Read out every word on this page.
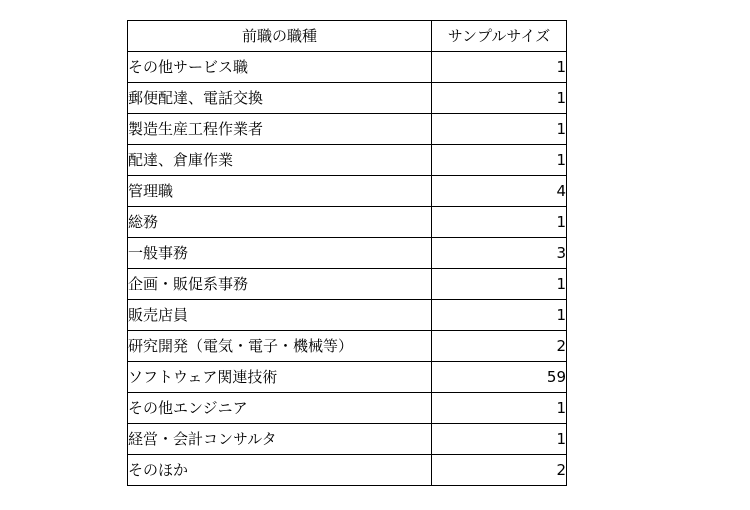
前職の職種	サンプルサイズ
その他サービス職	1
郵便配達、電話交換	1
製造生産工程作業者	1
配達、倉庫作業	1
管理職	4
総務	1
一般事務	3
企画・販促系事務	1
販売店員	1
研究開発（電気・電子・機械等）	2
ソフトウェア関連技術	59
その他エンジニア	1
経営・会計コンサルタ	1
そのほか	2
